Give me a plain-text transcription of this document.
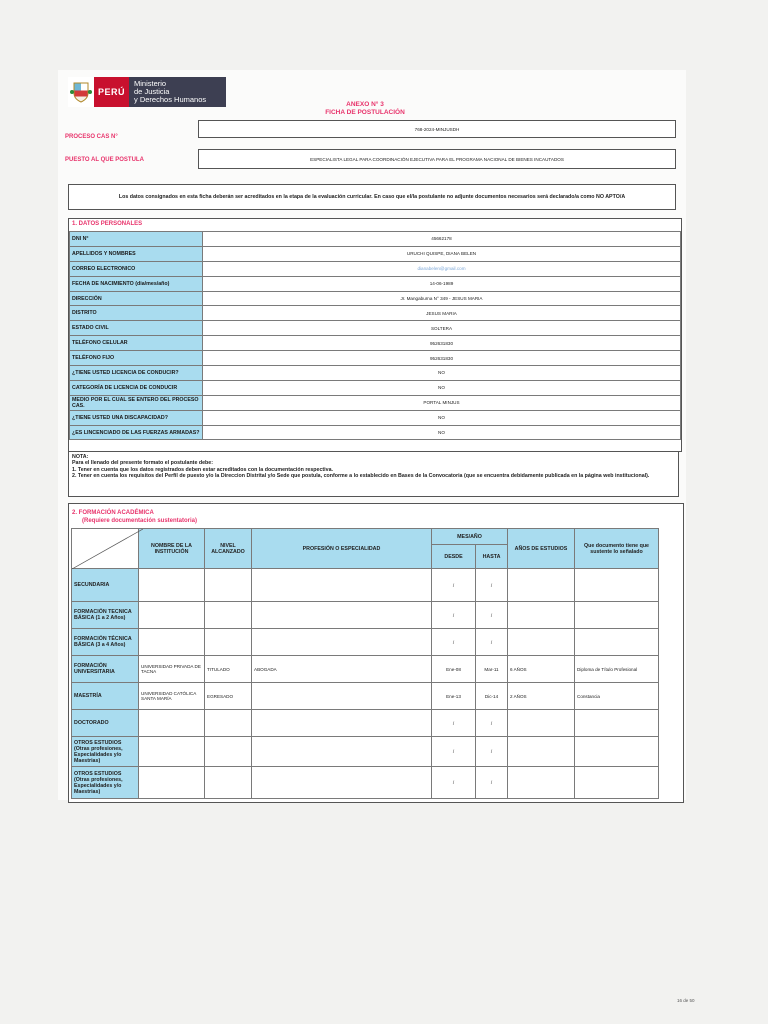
PERÚ
Ministerio
de Justicia
y Derechos Humanos
ANEXO N° 3
FICHA DE POSTULACIÓN
PROCESO CAS N°
768-2024-MINJUSDH
PUESTO AL QUE POSTULA	ESPECIALISTA LEGAL PARA COORDINACIÓN EJECUTIVA PARA EL PROGRAMA NACIONAL DE BIENES INCAUTADOS
Los datos consignados en esta ficha deberán ser acreditados en la etapa de la evaluación curricular. En caso que el/la postulante no adjunte documentos necesarios será declarado/a como NO APTO/A
1. DATOS PERSONALES
DNI N°	45662178
APELLIDOS Y NOMBRES	URUCHI QUISPE, DIANA BELEN
CORREO ELECTRONICO	dianabelen@gmail.com
FECHA DE NACIMIENTO (dia/mes/año)	14-06-1989
DIRECCIÓN	Jr. Mangaburna N° 349 - JESUS MARIA
DISTRITO	JESUS MARIA
ESTADO CIVIL	SOLTERA
TELÉFONO CELULAR	952631830
TELÉFONO FIJO	952631830
¿TIENE USTED LICENCIA DE CONDUCIR?	NO
CATEGORÍA DE LICENCIA DE CONDUCIR	NO
MEDIO POR EL CUAL SE ENTERO DEL PROCESO CAS.	PORTAL MINJUS
¿TIENE USTED UNA DISCAPACIDAD?	NO
¿ES LINCENCIADO DE LAS FUERZAS ARMADAS?	NO
NOTA:
Para el llenado del presente formato el postulante debe:
1. Tener en cuenta que los datos registrados deben estar acreditados con la documentación respectiva.
2. Tener en cuenta los requisitos del Perfil de puesto y/o la Direccion Distrital y/o Sede que postula, conforme a lo establecido en Bases de la Convocatoria (que se encuentra debidamente publicada en la página web institucional).
2. FORMACIÓN ACADÉMICA
(Requiere documentación sustentatoria)
	NOMBRE DE LA INSTITUCIÓN	NIVEL ALCANZADO	PROFESIÓN O ESPECIALIDAD	MES/AÑO		AÑOS DE ESTUDIOS	Que documento tiene que sustente lo señalado
				DESDE	HASTA		
SECUNDARIA				/	/		
FORMACIÓN TECNICA BÁSICA (1 a 2 Años)				/	/		
FORMACIÓN TÉCNICA BÁSICA (3 a 4 Años)				/	/		
FORMACIÓN UNIVERSITARIA	UNIVERSIDAD PRIVADA DE TACNA	TITULADO	ABOGADA	Ene-08	Mar-11	6 AÑOS	Diploma de Título Profesional
MAESTRÍA	UNIVERSIDAD CATÓLICA SANTA MARÍA	EGRESADO		Ene-13	Dic-14	2 AÑOS	Constancia
DOCTORADO				/	/		
OTROS ESTUDIOS (Otras profesiones, Especialidades y/o Maestrias)				/	/		
OTROS ESTUDIOS (Otras profesiones, Especialidades y/o Maestrias)				/	/		
16 de 50
